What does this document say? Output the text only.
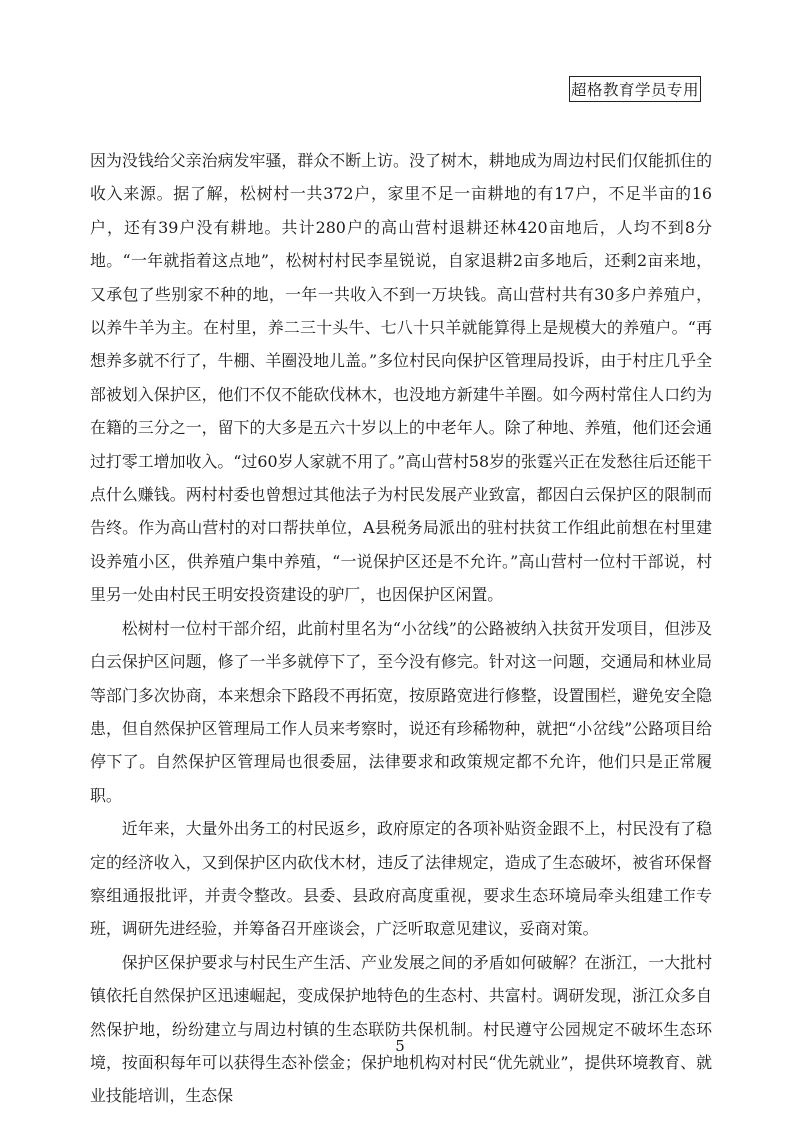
超格教育学员专用

因为没钱给父亲治病发牢骚，群众不断上访。没了树木，耕地成为周边村民们仅能抓住的收入来源。据了解，松树村一共372户，家里不足一亩耕地的有17户，不足半亩的16户，还有39户没有耕地。共计280户的高山营村退耕还林420亩地后，人均不到8分地。“一年就指着这点地”，松树村村民李星锐说，自家退耕2亩多地后，还剩2亩来地，又承包了些别家不种的地，一年一共收入不到一万块钱。高山营村共有30多户养殖户，以养牛羊为主。在村里，养二三十头牛、七八十只羊就能算得上是规模大的养殖户。“再想养多就不行了，牛棚、羊圈没地儿盖。”多位村民向保护区管理局投诉，由于村庄几乎全部被划入保护区，他们不仅不能砍伐林木，也没地方新建牛羊圈。如今两村常住人口约为在籍的三分之一，留下的大多是五六十岁以上的中老年人。除了种地、养殖，他们还会通过打零工增加收入。“过60岁人家就不用了。”高山营村58岁的张霆兴正在发愁往后还能干点什么赚钱。两村村委也曾想过其他法子为村民发展产业致富，都因白云保护区的限制而告终。作为高山营村的对口帮扶单位，A县税务局派出的驻村扶贫工作组此前想在村里建设养殖小区，供养殖户集中养殖，“一说保护区还是不允许。”高山营村一位村干部说，村里另一处由村民王明安投资建设的驴厂，也因保护区闲置。

松树村一位村干部介绍，此前村里名为“小岔线”的公路被纳入扶贫开发项目，但涉及白云保护区问题，修了一半多就停下了，至今没有修完。针对这一问题，交通局和林业局等部门多次协商，本来想余下路段不再拓宽，按原路宽进行修整，设置围栏，避免安全隐患，但自然保护区管理局工作人员来考察时，说还有珍稀物种，就把“小岔线”公路项目给停下了。自然保护区管理局也很委屈，法律要求和政策规定都不允许，他们只是正常履职。

近年来，大量外出务工的村民返乡，政府原定的各项补贴资金跟不上，村民没有了稳定的经济收入，又到保护区内砍伐木材，违反了法律规定，造成了生态破坏，被省环保督察组通报批评，并责令整改。县委、县政府高度重视，要求生态环境局牵头组建工作专班，调研先进经验，并筹备召开座谈会，广泛听取意见建议，妥商对策。

保护区保护要求与村民生产生活、产业发展之间的矛盾如何破解？在浙江，一大批村镇依托自然保护区迅速崛起，变成保护地特色的生态村、共富村。调研发现，浙江众多自然保护地，纷纷建立与周边村镇的生态联防共保机制。村民遵守公园规定不破坏生态环境，按面积每年可以获得生态补偿金；保护地机构对村民“优先就业”，提供环境教育、就业技能培训，生态保

5
